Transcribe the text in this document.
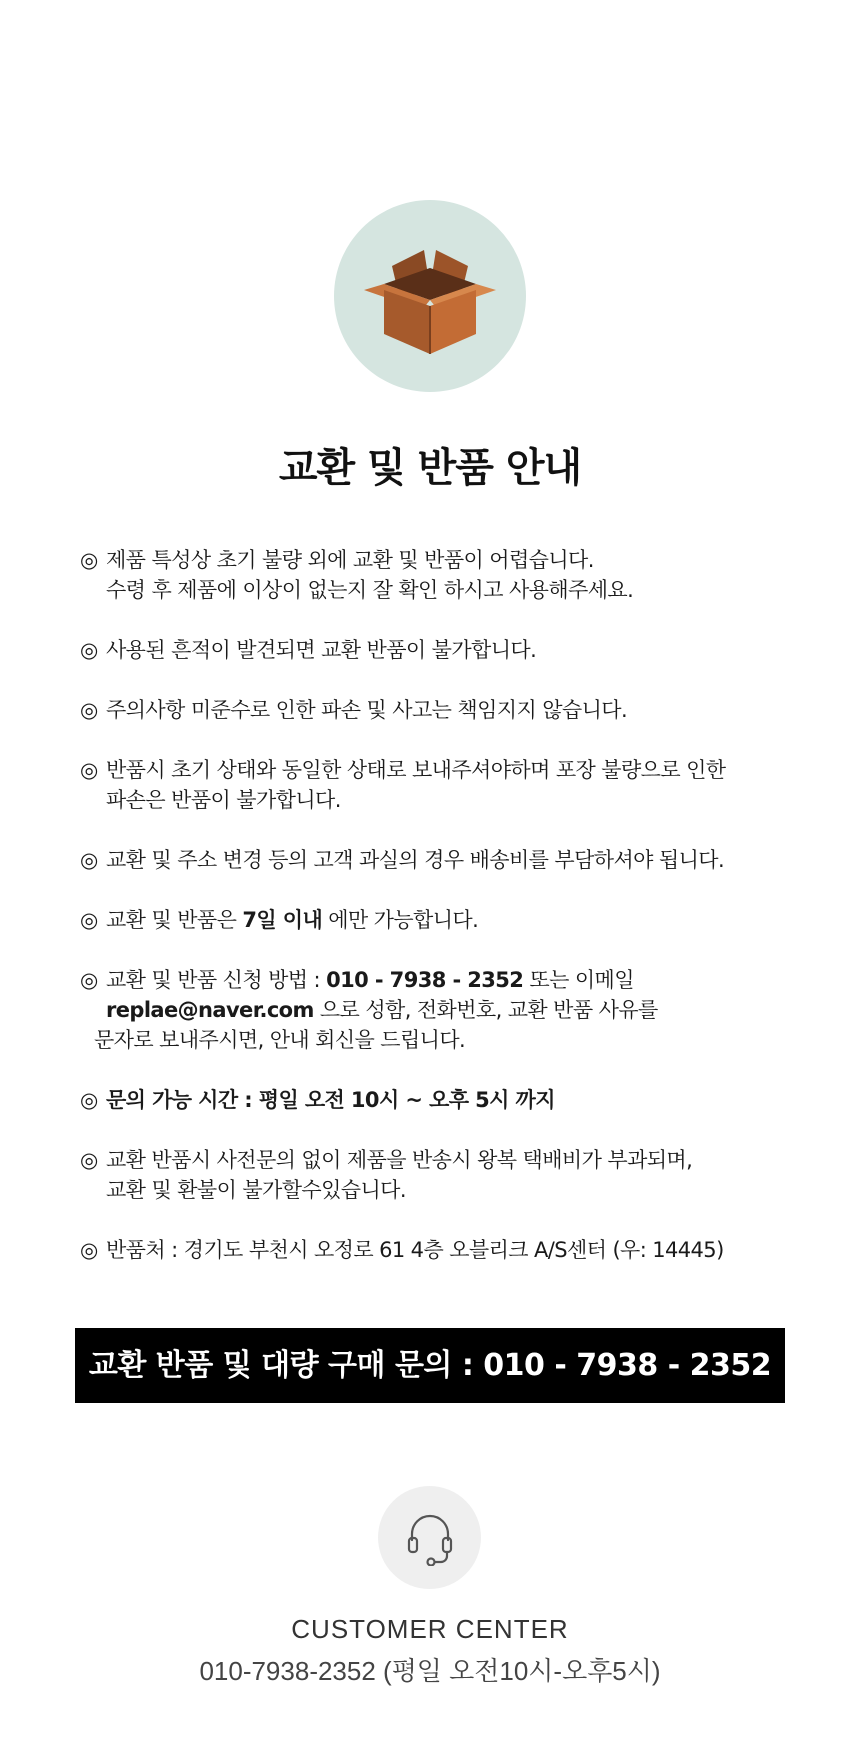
교환 및 반품 안내
◎ 제품 특성상 초기 불량 외에 교환 및 반품이 어렵습니다.
수령 후 제품에 이상이 없는지 잘 확인 하시고 사용해주세요.
◎ 사용된 흔적이 발견되면 교환 반품이 불가합니다.
◎ 주의사항 미준수로 인한 파손 및 사고는 책임지지 않습니다.
◎ 반품시 초기 상태와 동일한 상태로 보내주셔야하며 포장 불량으로 인한
파손은 반품이 불가합니다.
◎ 교환 및 주소 변경 등의 고객 과실의 경우 배송비를 부담하셔야 됩니다.
◎ 교환 및 반품은 7일 이내 에만 가능합니다.
◎ 교환 및 반품 신청 방법 : 010 - 7938 - 2352 또는 이메일
replae@naver.com 으로 성함, 전화번호, 교환 반품 사유를
문자로 보내주시면, 안내 회신을 드립니다.
◎ 문의 가능 시간 : 평일 오전 10시 ~ 오후 5시 까지
◎ 교환 반품시 사전문의 없이 제품을 반송시 왕복 택배비가 부과되며,
교환 및 환불이 불가할수있습니다.
◎ 반품처 : 경기도 부천시 오정로 61 4층 오블리크 A/S센터 (우: 14445)
교환 반품 및 대량 구매 문의 : 010 - 7938 - 2352
CUSTOMER CENTER
010-7938-2352 (평일 오전10시-오후5시)
